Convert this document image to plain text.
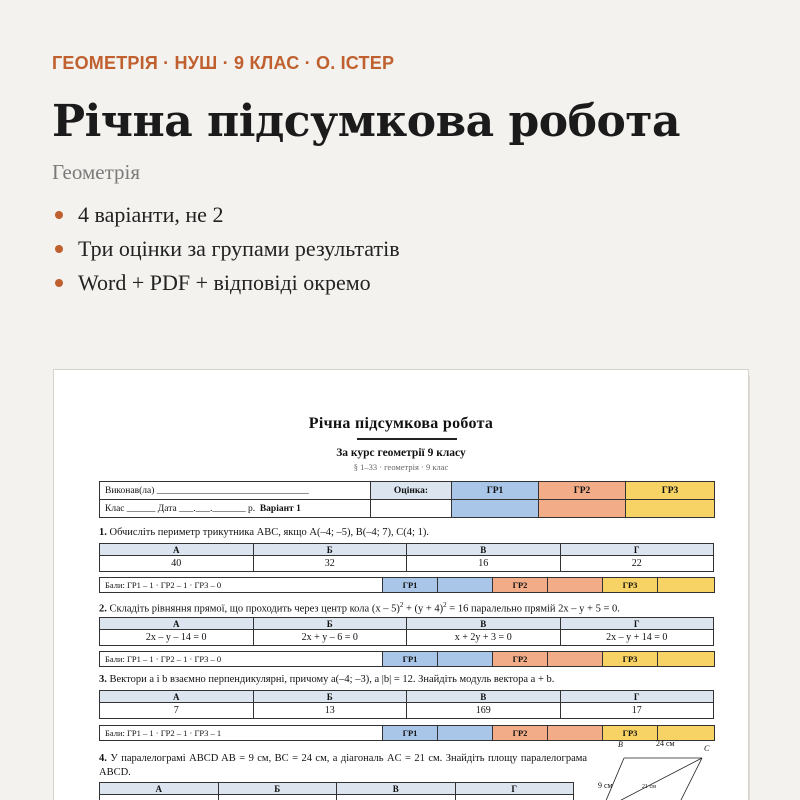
ГЕОМЕТРІЯ · НУШ · 9 КЛАС · О. ІСТЕР
Річна підсумкова робота
Геометрія
4 варіанти, не 2
Три оцінки за групами результатів
Word + PDF + відповіді окремо
Річна підсумкова робота
За курс геометрії 9 класу
§ 1–33 · геометрія · 9 клас
Виконав(ла) ________________________________	Оцінка:	ГР1	ГР2	ГР3
Клас ______ Дата ___.___._______ р. Варіант 1				
1. Обчисліть периметр трикутника ABC, якщо A(–4; –5), B(–4; 7), C(4; 1).
А	Б	В	Г
40	32	16	22
Бали: ГР1 – 1 · ГР2 – 1 · ГР3 – 0	ГР1		ГР2		ГР3	
2. Складіть рівняння прямої, що проходить через центр кола $(x - 5)^2 + (y + 4)^2 = 16$ паралельно прямій 2x – y + 5 = 0.
А	Б	В	Г
2x – y – 14 = 0	2x + y – 6 = 0	x + 2y + 3 = 0	2x – y + 14 = 0
Бали: ГР1 – 1 · ГР2 – 1 · ГР3 – 0	ГР1		ГР2		ГР3	
3. Вектори a і b взаємно перпендикулярні, причому a(–4; –3), а |b| = 12. Знайдіть модуль вектора a + b.
А	Б	В	Г
7	13	169	17
Бали: ГР1 – 1 · ГР2 – 1 · ГР3 – 1	ГР1		ГР2		ГР3	
4. У паралелограмі ABCD AB = 9 см, BC = 24 см, а діагональ AC = 21 см. Знайдіть площу паралелограма ABCD.
А	Б	В	Г

B	C
24 см
9 см	21 см
